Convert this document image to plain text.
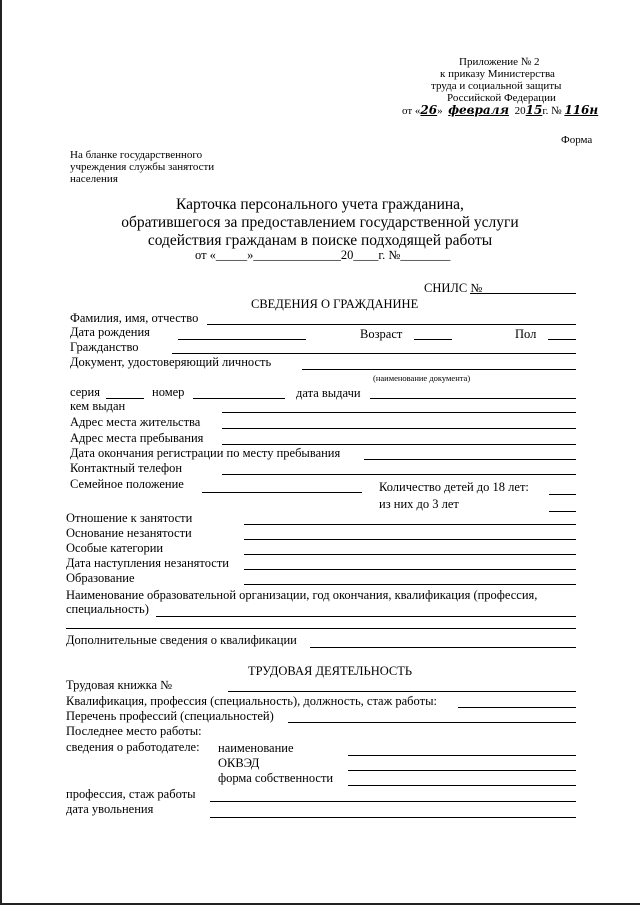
Приложение № 2
к приказу Министерства
труда и социальной защиты
Российской Федерации
от «26» февраля 2015г. № 116н
Форма
На бланке государственного
учреждения службы занятости
населения
Карточка персонального учета гражданина,
обратившегося за предоставлением государственной услуги
содействия гражданам в поиске подходящей работы
от «_____»______________20____г. №________
СНИЛС №
СВЕДЕНИЯ О ГРАЖДАНИНЕ
Фамилия, имя, отчество
Дата рождения	Возраст	Пол
Гражданство
Документ, удостоверяющий личность
(наименование документа)
серия	номер	дата выдачи
кем выдан
Адрес места жительства
Адрес места пребывания
Дата окончания регистрации по месту пребывания
Контактный телефон
Семейное положение	Количество детей до 18 лет:
из них до 3 лет
Отношение к занятости
Основание незанятости
Особые категории
Дата наступления незанятости
Образование
Наименование образовательной организации, год окончания, квалификация (профессия,
специальность)
Дополнительные сведения о квалификации
ТРУДОВАЯ ДЕЯТЕЛЬНОСТЬ
Трудовая книжка №
Квалификация, профессия (специальность), должность, стаж работы:
Перечень профессий (специальностей)
Последнее место работы:
сведения о работодателе: наименование
ОКВЭД
форма собственности
профессия, стаж работы
дата увольнения
